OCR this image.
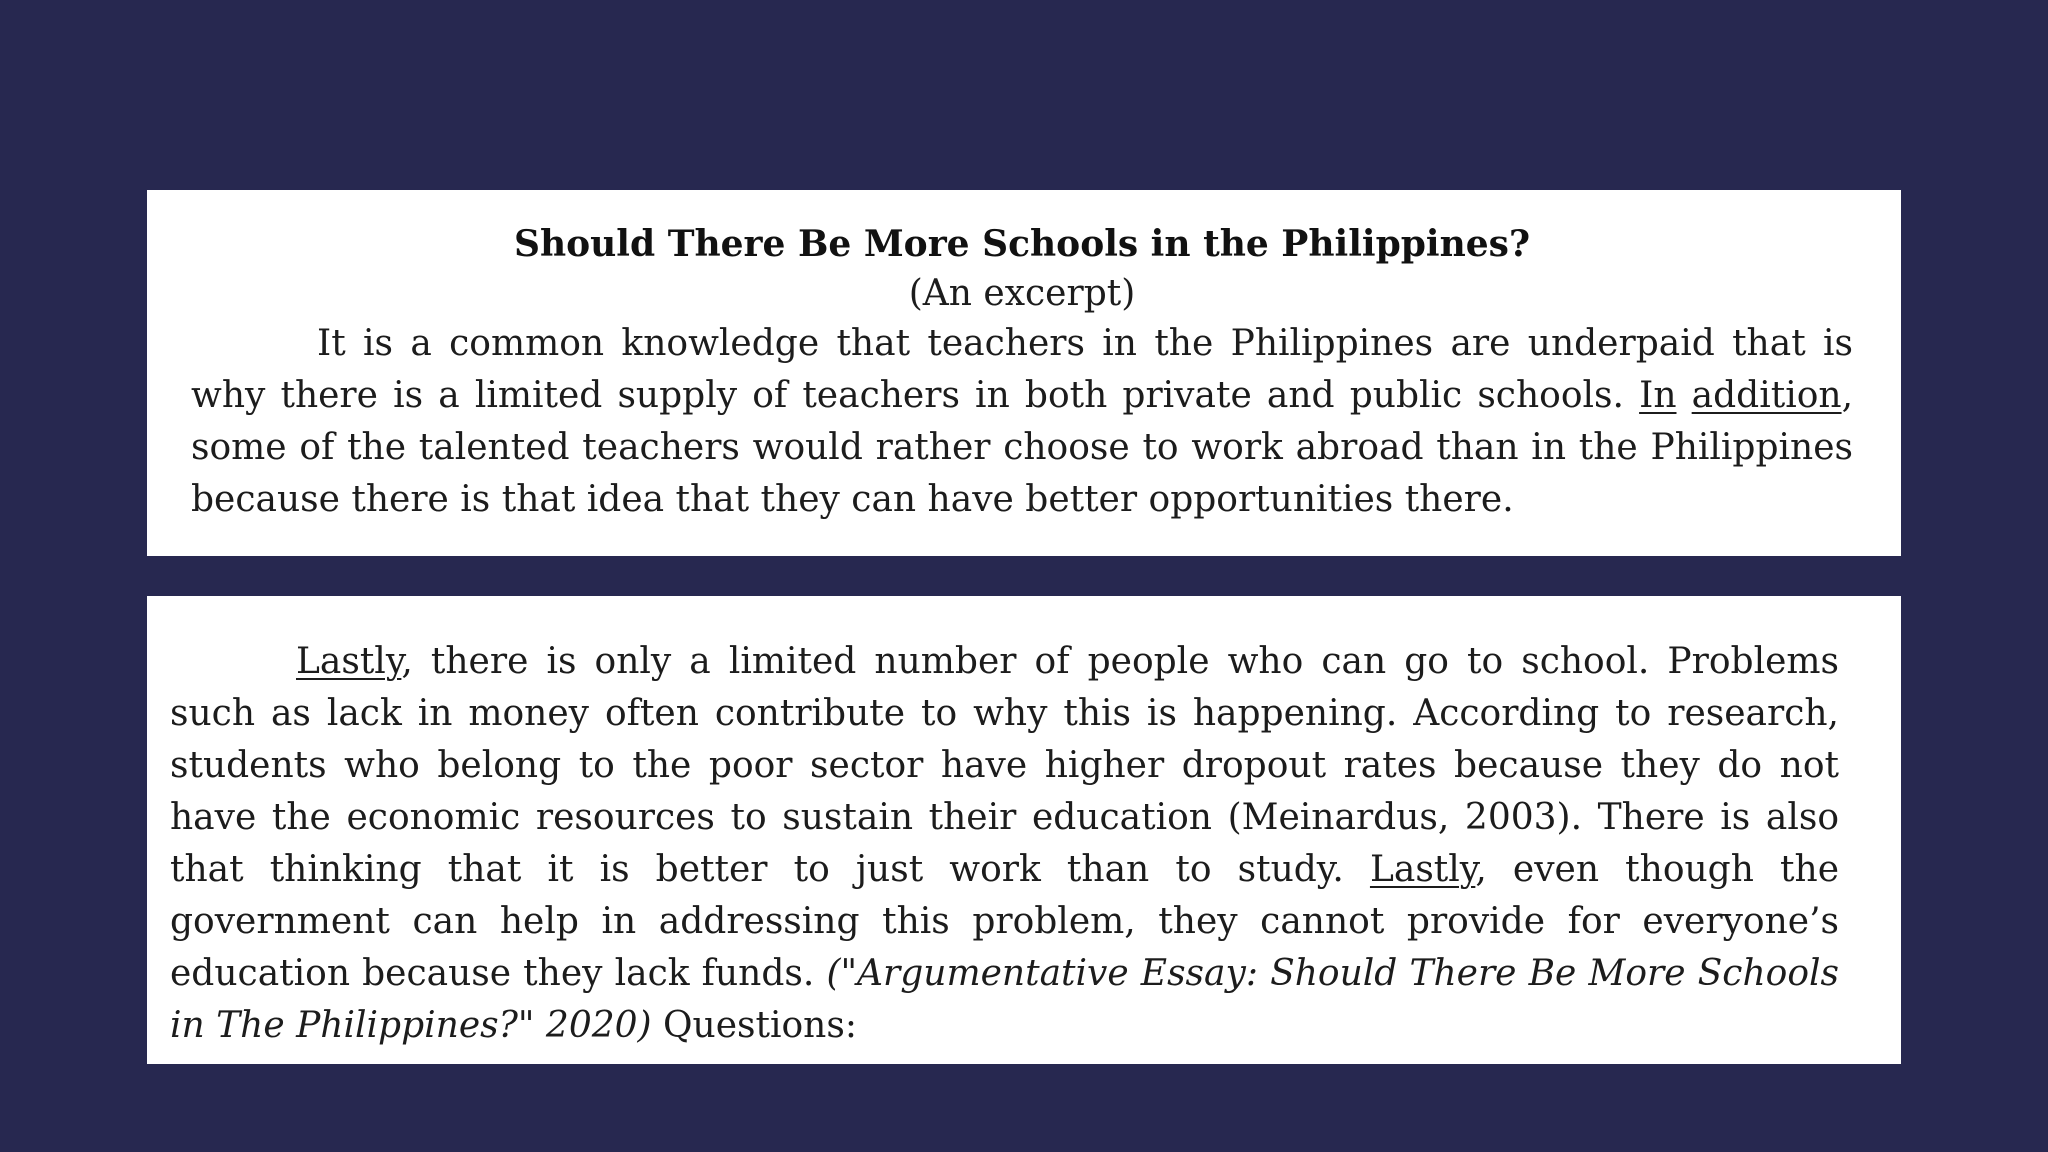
Should There Be More Schools in the Philippines?

(An excerpt)

It is a common knowledge that teachers in the Philippines are underpaid that is why there is a limited supply of teachers in both private and public schools. In addition, some of the talented teachers would rather choose to work abroad than in the Philippines because there is that idea that they can have better opportunities there.

Lastly, there is only a limited number of people who can go to school. Problems such as lack in money often contribute to why this is happening. According to research, students who belong to the poor sector have higher dropout rates because they do not have the economic resources to sustain their education (Meinardus, 2003). There is also that thinking that it is better to just work than to study. Lastly, even though the government can help in addressing this problem, they cannot provide for everyone’s education because they lack funds. ("Argumentative Essay: Should There Be More Schools in The Philippines?" 2020) Questions:
